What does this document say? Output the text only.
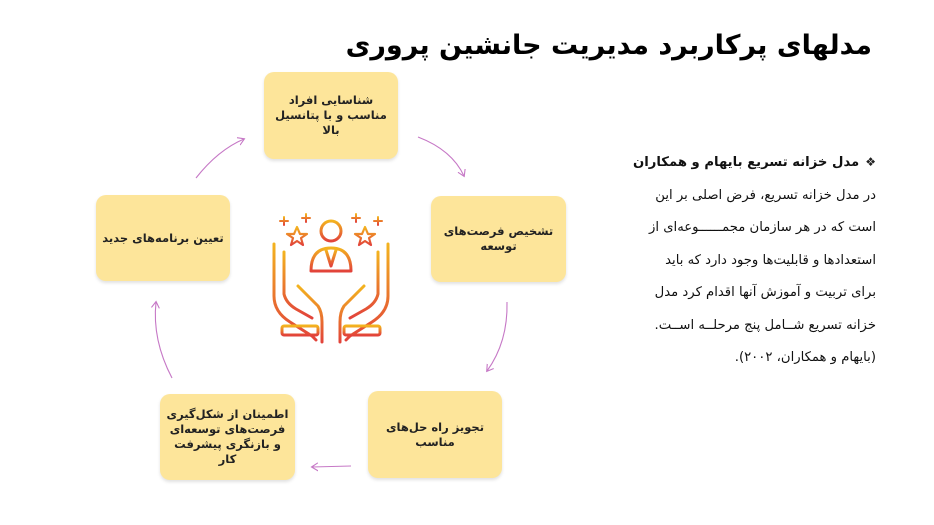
مدلهای پرکاربرد مدیریت جانشین پروری
❖مدل خزانه تسریع بایهام و همکاران
در مدل خزانه تسریع، فرض اصلی بر این
است که در هر سازمان مجمــــــوعه‌ای از
استعدادها و قابلیت‌ها وجود دارد که باید
برای تربیت و آموزش آنها اقدام کرد مدل
خزانه تسریع شــامل پنج مرحلــه اســت.
(بایهام و همکاران، ۲۰۰۲).
شناسایی افراد مناسب و با پتانسیل بالا
تشخیص فرصت‌های توسعه
تجویز راه حل‌های مناسب
اطمینان از شکل‌گیری فرصت‌های توسعه‌ای و بازنگری پیشرفت کار
تعیین برنامه‌های جدید
